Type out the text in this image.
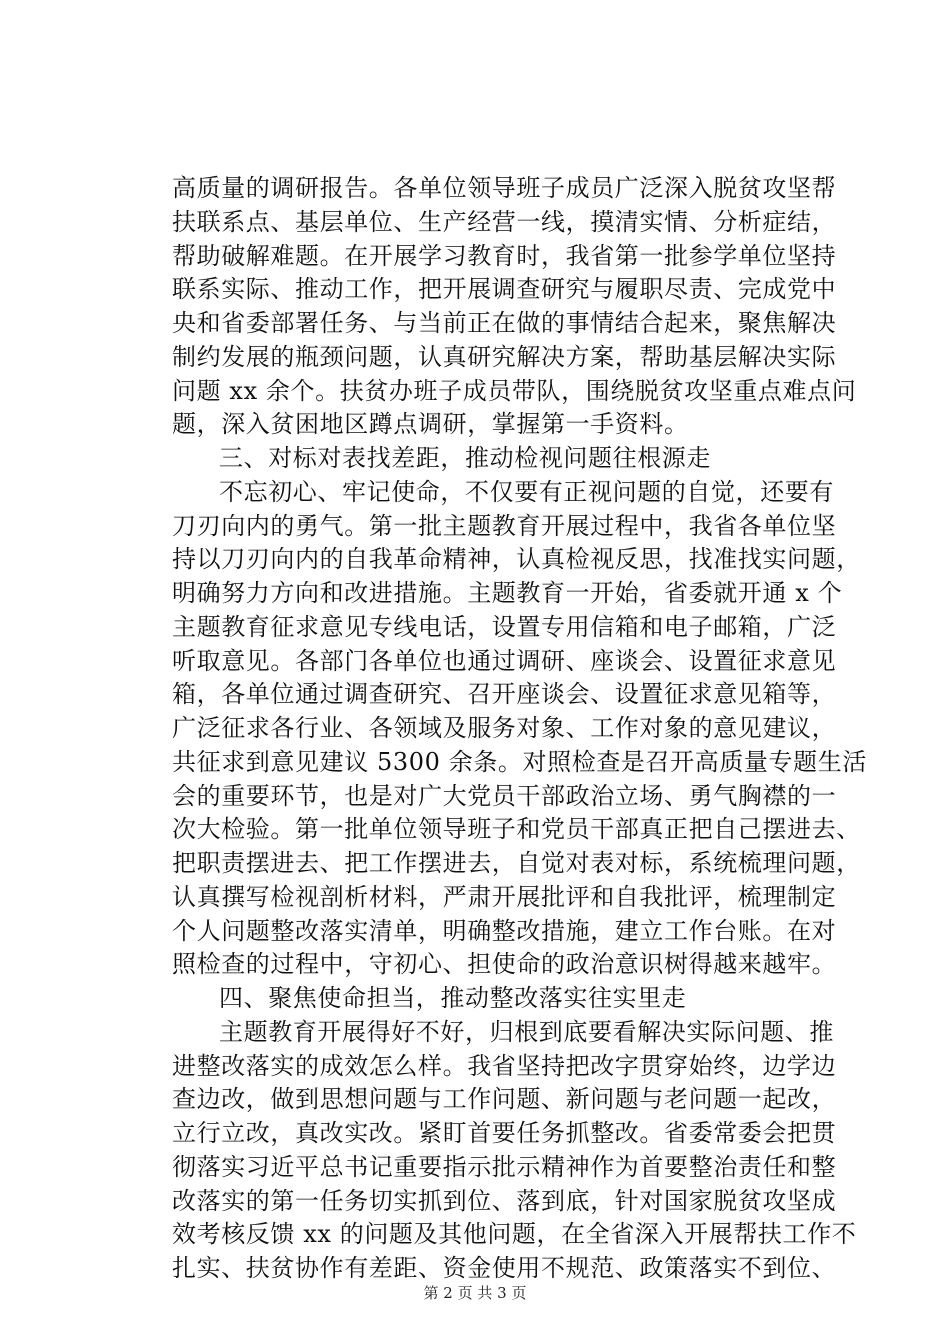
高质量的调研报告。各单位领导班子成员广泛深入脱贫攻坚帮
扶联系点、基层单位、生产经营一线，摸清实情、分析症结，
帮助破解难题。在开展学习教育时，我省第一批参学单位坚持
联系实际、推动工作，把开展调查研究与履职尽责、完成党中
央和省委部署任务、与当前正在做的事情结合起来，聚焦解决
制约发展的瓶颈问题，认真研究解决方案，帮助基层解决实际
问题 xx 余个。扶贫办班子成员带队，围绕脱贫攻坚重点难点问
题，深入贫困地区蹲点调研，掌握第一手资料。
三、对标对表找差距，推动检视问题往根源走
不忘初心、牢记使命，不仅要有正视问题的自觉，还要有
刀刃向内的勇气。第一批主题教育开展过程中，我省各单位坚
持以刀刃向内的自我革命精神，认真检视反思，找准找实问题，
明确努力方向和改进措施。主题教育一开始，省委就开通 x 个
主题教育征求意见专线电话，设置专用信箱和电子邮箱，广泛
听取意见。各部门各单位也通过调研、座谈会、设置征求意见
箱，各单位通过调查研究、召开座谈会、设置征求意见箱等，
广泛征求各行业、各领域及服务对象、工作对象的意见建议，
共征求到意见建议 5300 余条。对照检查是召开高质量专题生活
会的重要环节，也是对广大党员干部政治立场、勇气胸襟的一
次大检验。第一批单位领导班子和党员干部真正把自己摆进去、
把职责摆进去、把工作摆进去，自觉对表对标，系统梳理问题，
认真撰写检视剖析材料，严肃开展批评和自我批评，梳理制定
个人问题整改落实清单，明确整改措施，建立工作台账。在对
照检查的过程中，守初心、担使命的政治意识树得越来越牢。
四、聚焦使命担当，推动整改落实往实里走
主题教育开展得好不好，归根到底要看解决实际问题、推
进整改落实的成效怎么样。我省坚持把改字贯穿始终，边学边
查边改，做到思想问题与工作问题、新问题与老问题一起改，
立行立改，真改实改。紧盯首要任务抓整改。省委常委会把贯
彻落实习近平总书记重要指示批示精神作为首要整治责任和整
改落实的第一任务切实抓到位、落到底，针对国家脱贫攻坚成
效考核反馈 xx 的问题及其他问题，在全省深入开展帮扶工作不
扎实、扶贫协作有差距、资金使用不规范、政策落实不到位、
第 2 页 共 3 页
